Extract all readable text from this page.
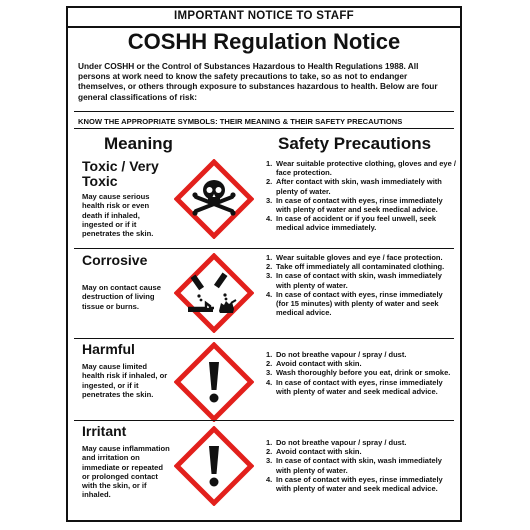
IMPORTANT NOTICE TO STAFF
COSHH Regulation Notice
Under COSHH or the Control of Substances Hazardous to Health Regulations 1988. All persons at work need to know the safety precautions to take, so as not to endanger themselves, or others through exposure to substances hazardous to health. Below are four general classifications of risk:
KNOW THE APPROPRIATE SYMBOLS: THEIR MEANING & THEIR SAFETY PRECAUTIONS
Meaning	Safety Precautions
Toxic / Very Toxic
May cause serious health risk or even death if inhaled, ingested or if it penetrates the skin.
1. Wear suitable protective clothing, gloves and eye / face protection.
2. After contact with skin, wash immediately with plenty of water.
3. In case of contact with eyes, rinse immediately with plenty of water and seek medical advice.
4. In case of accident or if you feel unwell, seek medical advice immediately.
Corrosive
May on contact cause destruction of living tissue or burns.
1. Wear suitable gloves and eye / face protection.
2. Take off immediately all contaminated clothing.
3. In case of contact with skin, wash immediately with plenty of water.
4. In case of contact with eyes, rinse immediately (for 15 minutes) with plenty of water and seek medical advice.
Harmful
May cause limited health risk if inhaled, or ingested, or if it penetrates the skin.
1. Do not breathe vapour / spray / dust.
2. Avoid contact with skin.
3. Wash thoroughly before you eat, drink or smoke.
4. In case of contact with eyes, rinse immediately with plenty of water and seek medical advice.
Irritant
May cause inflammation and irritation on immediate or repeated or prolonged contact with the skin, or if inhaled.
1. Do not breathe vapour / spray / dust.
2. Avoid contact with skin.
3. In case of contact with skin, wash immediately with plenty of water.
4. In case of contact with eyes, rinse immediately with plenty of water and seek medical advice.
